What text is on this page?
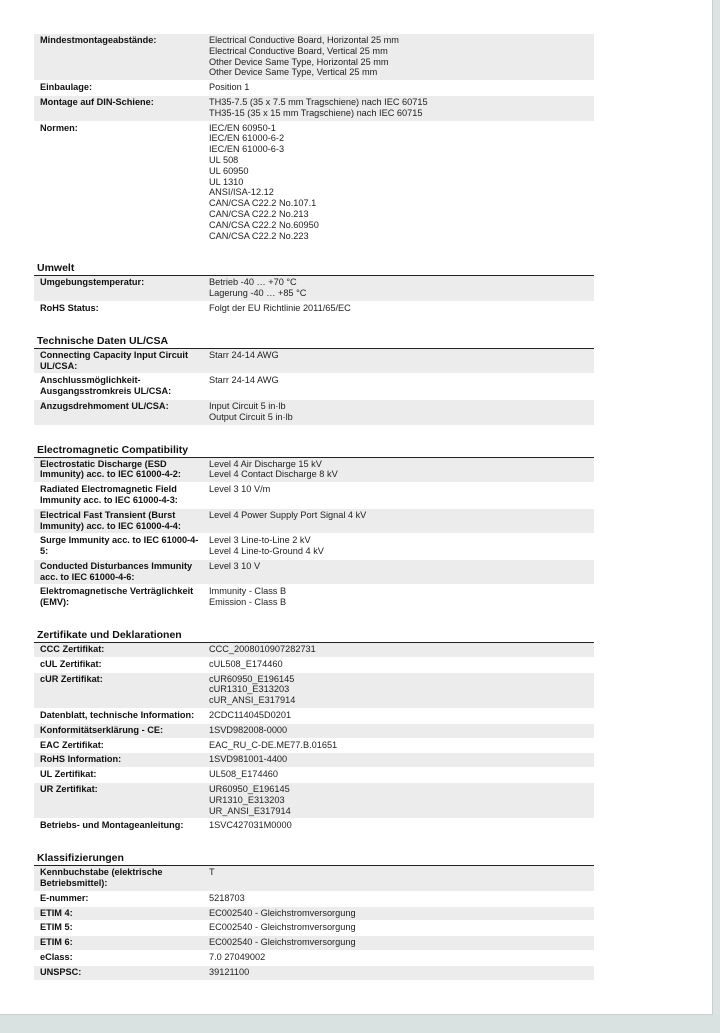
Mindestmontageabstände:	Electrical Conductive Board, Horizontal 25 mm
Electrical Conductive Board, Vertical 25 mm
Other Device Same Type, Horizontal 25 mm
Other Device Same Type, Vertical 25 mm
Einbaulage:	Position 1
Montage auf DIN-Schiene:	TH35-7.5 (35 x 7.5 mm Tragschiene) nach IEC 60715
TH35-15 (35 x 15 mm Tragschiene) nach IEC 60715
Normen:	IEC/EN 60950-1
IEC/EN 61000-6-2
IEC/EN 61000-6-3
UL 508
UL 60950
UL 1310
ANSI/ISA-12.12
CAN/CSA C22.2 No.107.1
CAN/CSA C22.2 No.213
CAN/CSA C22.2 No.60950
CAN/CSA C22.2 No.223
Umwelt
Umgebungstemperatur:	Betrieb -40 … +70 °C
Lagerung -40 … +85 °C
RoHS Status:	Folgt der EU Richtlinie 2011/65/EC
Technische Daten UL/CSA
Connecting Capacity Input Circuit UL/CSA:
Starr 24-14 AWG
Anschlussmöglichkeit-Ausgangsstromkreis UL/CSA:
Starr 24-14 AWG
Anzugsdrehmoment UL/CSA:	Input Circuit 5 in·lb
Output Circuit 5 in·lb
Electromagnetic Compatibility
Electrostatic Discharge (ESD Immunity) acc. to IEC 61000-4-2:
Level 4 Air Discharge 15 kV
Level 4 Contact Discharge 8 kV
Radiated Electromagnetic Field Immunity acc. to IEC 61000-4-3:
Level 3 10 V/m
Electrical Fast Transient (Burst Immunity) acc. to IEC 61000-4-4:
Level 4 Power Supply Port Signal 4 kV
Surge Immunity acc. to IEC 61000-4-5:
Level 3 Line-to-Line 2 kV
Level 4 Line-to-Ground 4 kV
Conducted Disturbances Immunity acc. to IEC 61000-4-6:
Level 3 10 V
Elektromagnetische Verträglichkeit (EMV):
Immunity - Class B
Emission - Class B
Zertifikate und Deklarationen
CCC Zertifikat:	CCC_2008010907282731
cUL Zertifikat:	cUL508_E174460
cUR Zertifikat:	cUR60950_E196145
cUR1310_E313203
cUR_ANSI_E317914
Datenblatt, technische Information:	2CDC114045D0201
Konformitätserklärung - CE:	1SVD982008-0000
EAC Zertifikat:	EAC_RU_C-DE.ME77.B.01651
RoHS Information:	1SVD981001-4400
UL Zertifikat:	UL508_E174460
UR Zertifikat:	UR60950_E196145
UR1310_E313203
UR_ANSI_E317914
Betriebs- und Montageanleitung:	1SVC427031M0000
Klassifizierungen
Kennbuchstabe (elektrische Betriebsmittel):
T
E-nummer:	5218703
ETIM 4:	EC002540 - Gleichstromversorgung
ETIM 5:	EC002540 - Gleichstromversorgung
ETIM 6:	EC002540 - Gleichstromversorgung
eClass:	7.0 27049002
UNSPSC:	39121100
